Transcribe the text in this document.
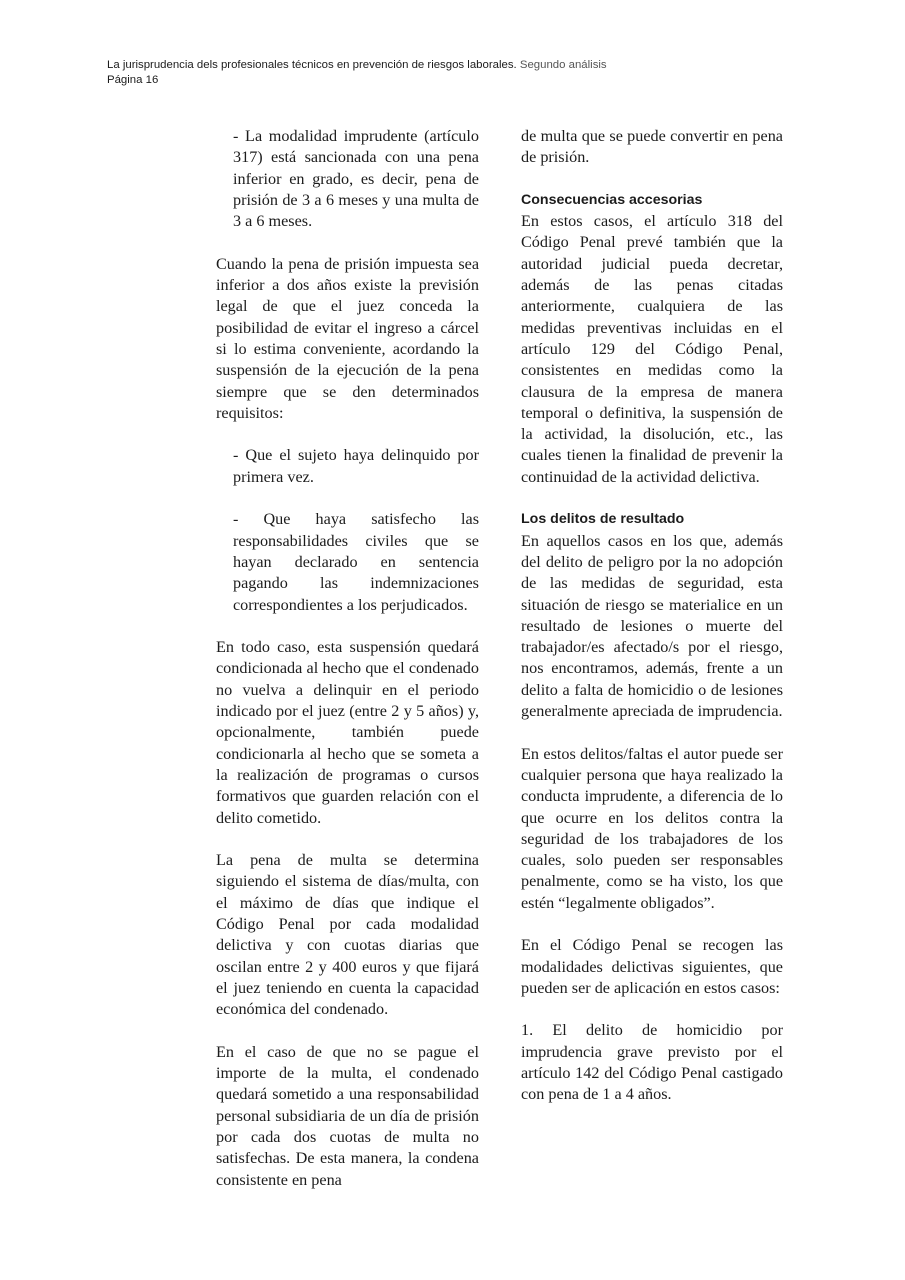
La jurisprudencia dels profesionales técnicos en prevención de riesgos laborales. Segundo análisis
Página 16

- La modalidad imprudente (artículo 317) está sancionada con una pena inferior en grado, es decir, pena de prisión de 3 a 6 meses y una multa de 3 a 6 meses.

Cuando la pena de prisión impuesta sea inferior a dos años existe la previsión legal de que el juez conceda la posibilidad de evitar el ingreso a cárcel si lo estima conveniente, acordando la suspensión de la ejecución de la pena siempre que se den determinados requisitos:

- Que el sujeto haya delinquido por primera vez.

- Que haya satisfecho las responsabilidades civiles que se hayan declarado en sentencia pagando las indemnizaciones correspondientes a los perjudicados.

En todo caso, esta suspensión quedará condicionada al hecho que el condenado no vuelva a delinquir en el periodo indicado por el juez (entre 2 y 5 años) y, opcionalmente, también puede condicionarla al hecho que se someta a la realización de programas o cursos formativos que guarden relación con el delito cometido.

La pena de multa se determina siguiendo el sistema de días/multa, con el máximo de días que indique el Código Penal por cada modalidad delictiva y con cuotas diarias que oscilan entre 2 y 400 euros y que fijará el juez teniendo en cuenta la capacidad económica del condenado.

En el caso de que no se pague el importe de la multa, el condenado quedará sometido a una responsabilidad personal subsidiaria de un día de prisión por cada dos cuotas de multa no satisfechas. De esta manera, la condena consistente en pena

de multa que se puede convertir en pena de prisión.

Consecuencias accesorias

En estos casos, el artículo 318 del Código Penal prevé también que la autoridad judicial pueda decretar, además de las penas citadas anteriormente, cualquiera de las medidas preventivas incluidas en el artículo 129 del Código Penal, consistentes en medidas como la clausura de la empresa de manera temporal o definitiva, la suspensión de la actividad, la disolución, etc., las cuales tienen la finalidad de prevenir la continuidad de la actividad delictiva.

Los delitos de resultado

En aquellos casos en los que, además del delito de peligro por la no adopción de las medidas de seguridad, esta situación de riesgo se materialice en un resultado de lesiones o muerte del trabajador/es afectado/s por el riesgo, nos encontramos, además, frente a un delito a falta de homicidio o de lesiones generalmente apreciada de imprudencia.

En estos delitos/faltas el autor puede ser cualquier persona que haya realizado la conducta imprudente, a diferencia de lo que ocurre en los delitos contra la seguridad de los trabajadores de los cuales, solo pueden ser responsables penalmente, como se ha visto, los que estén “legalmente obligados”.

En el Código Penal se recogen las modalidades delictivas siguientes, que pueden ser de aplicación en estos casos:

1. El delito de homicidio por imprudencia grave previsto por el artículo 142 del Código Penal castigado con pena de 1 a 4 años.
